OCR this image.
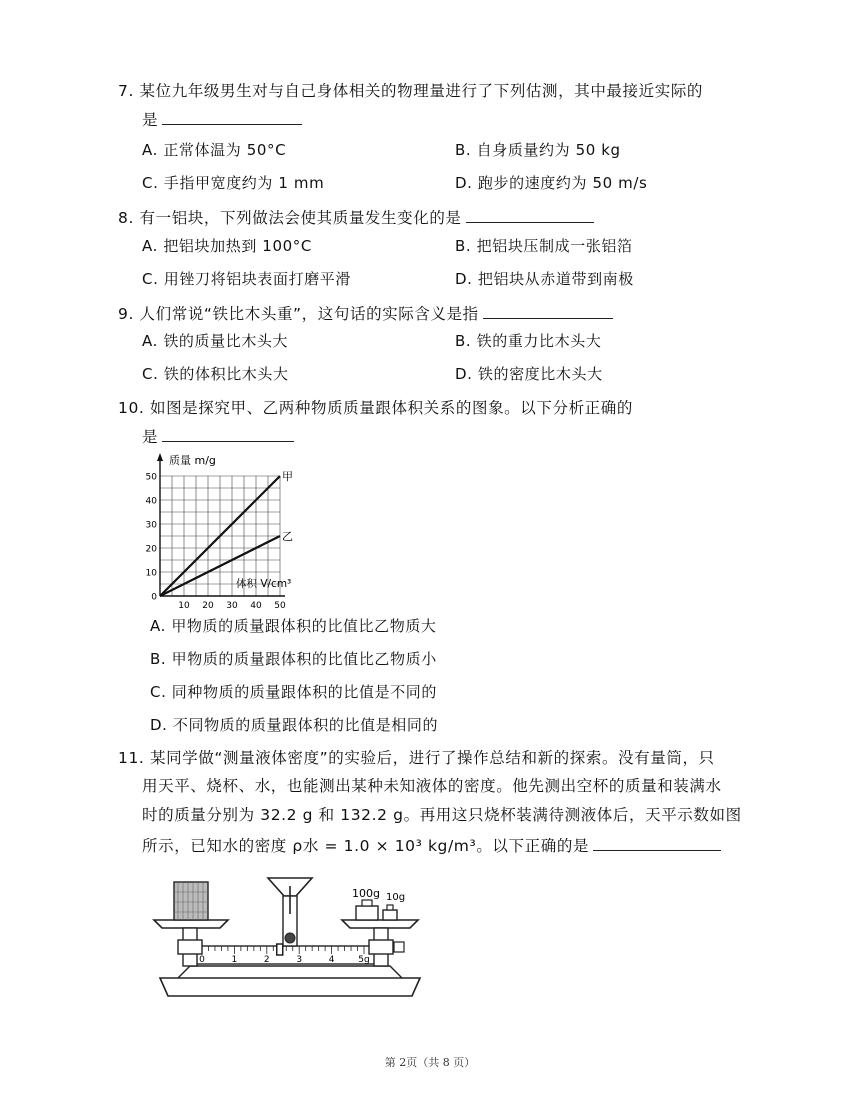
7. 某位九年级男生对与自己身体相关的物理量进行了下列估测，其中最接近实际的
是
A. 正常体温为 50°C	B. 自身质量约为 50 kg
C. 手指甲宽度约为 1 mm	D. 跑步的速度约为 50 m/s
8. 有一铝块，下列做法会使其质量发生变化的是
A. 把铝块加热到 100°C	B. 把铝块压制成一张铝箔
C. 用锉刀将铝块表面打磨平滑	D. 把铝块从赤道带到南极
9. 人们常说“铁比木头重”，这句话的实际含义是指
A. 铁的质量比木头大	B. 铁的重力比木头大
C. 铁的体积比木头大	D. 铁的密度比木头大
10. 如图是探究甲、乙两种物质质量跟体积关系的图象。以下分析正确的
是
甲
乙
10
20
30
40
50
0
10 20 30 40 50
质量 m/g
体积 V/cm³
A. 甲物质的质量跟体积的比值比乙物质大
B. 甲物质的质量跟体积的比值比乙物质小
C. 同种物质的质量跟体积的比值是不同的
D. 不同物质的质量跟体积的比值是相同的
11. 某同学做“测量液体密度”的实验后，进行了操作总结和新的探索。没有量筒，只
用天平、烧杯、水，也能测出某种未知液体的密度。他先测出空杯的质量和装满水
时的质量分别为 32.2 g 和 132.2 g。再用这只烧杯装满待测液体后，天平示数如图
所示，已知水的密度 ρ水 = 1.0 × 10³ kg/m³。以下正确的是
0	1	2	3	4	5g
100g 10g
第 2页（共 8 页）
